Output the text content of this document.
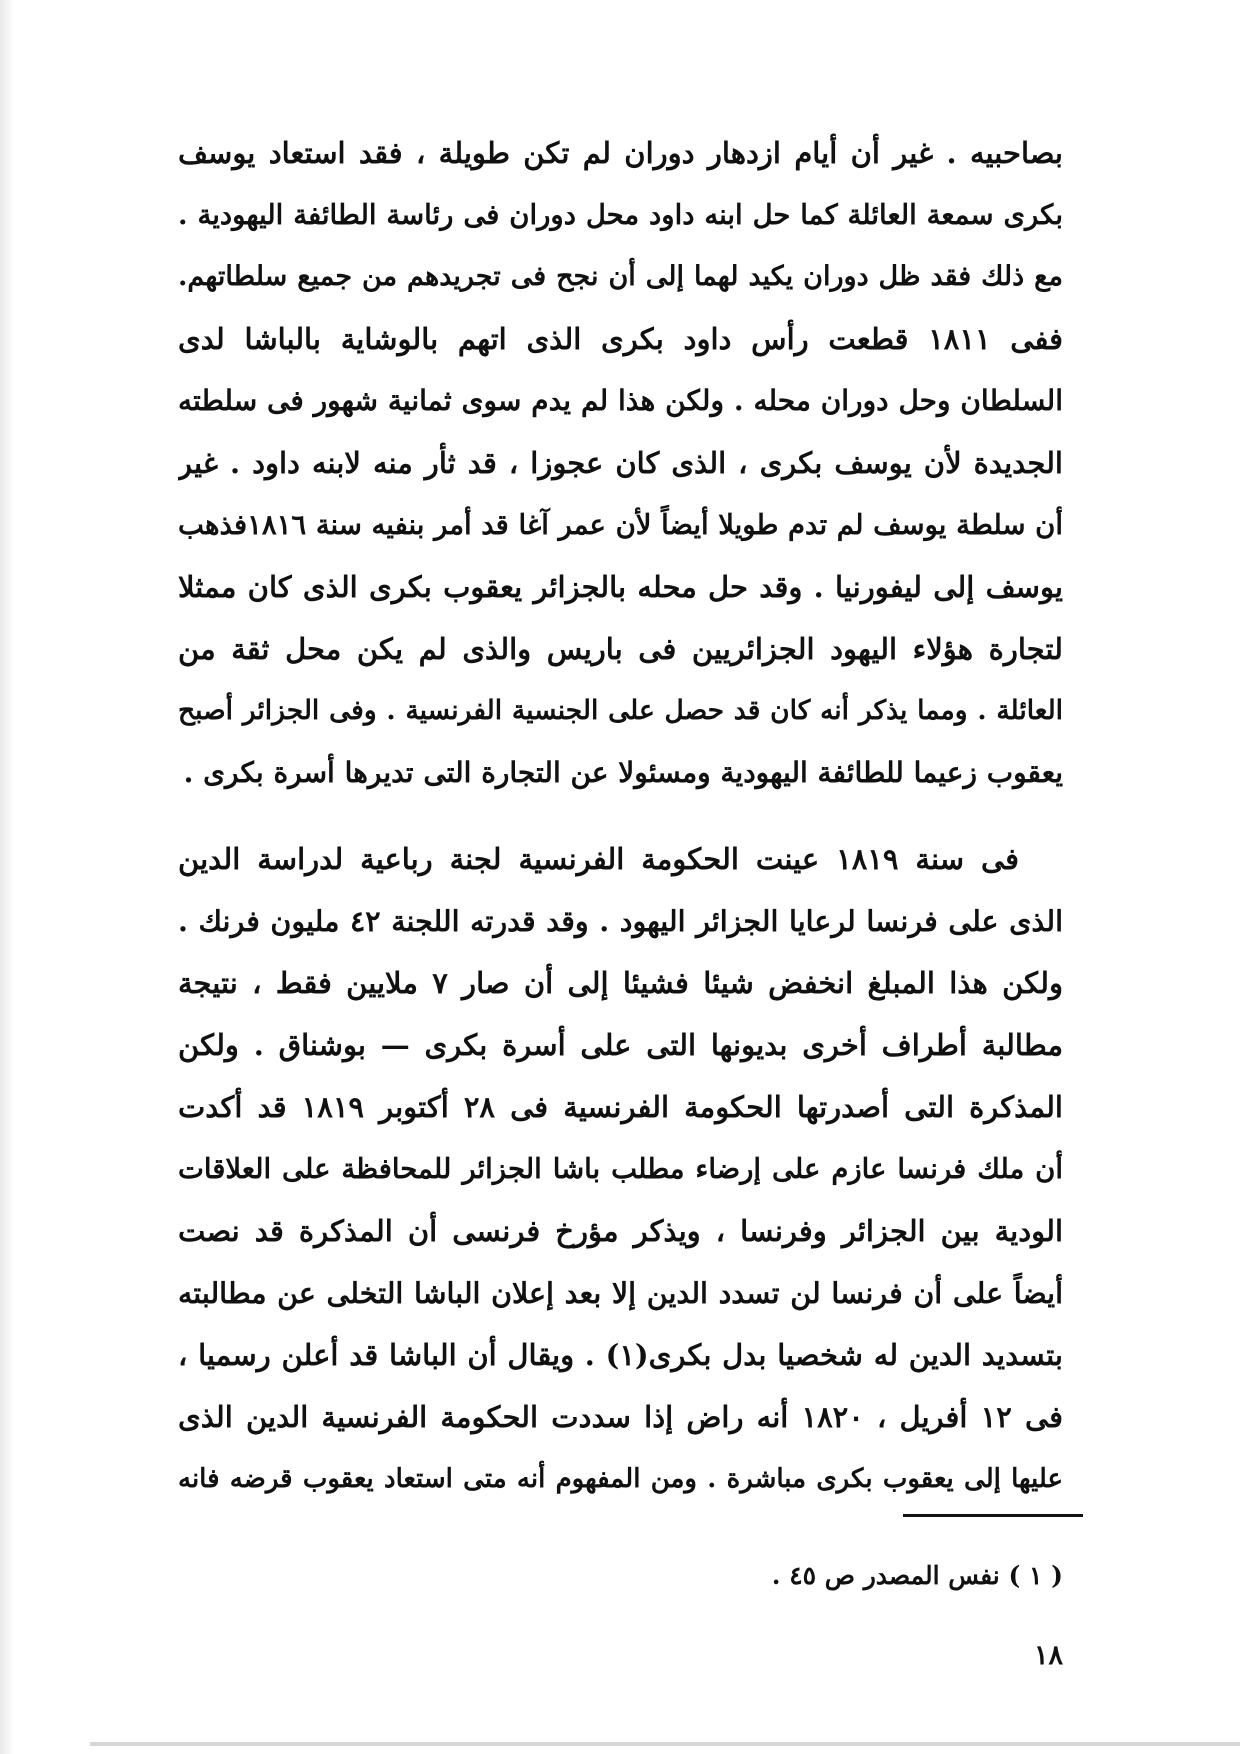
بصاحبيه . غير أن أيام ازدهار دوران لم تكن طويلة ، فقد استعاد يوسف
بكرى سمعة العائلة كما حل ابنه داود محل دوران فى رئاسة الطائفة اليهودية .
مع ذلك فقد ظل دوران يكيد لهما إلى أن نجح فى تجريدهم من جميع سلطاتهم.
ففى ١٨١١ قطعت رأس داود بكرى الذى اتهم بالوشاية بالباشا لدى
السلطان وحل دوران محله . ولكن هذا لم يدم سوى ثمانية شهور فى سلطته
الجديدة لأن يوسف بكرى ، الذى كان عجوزا ، قد ثأر منه لابنه داود . غير
أن سلطة يوسف لم تدم طويلا أيضاً لأن عمر آغا قد أمر بنفيه سنة ١٨١٦فذهب
يوسف إلى ليفورنيا . وقد حل محله بالجزائر يعقوب بكرى الذى كان ممثلا
لتجارة هؤلاء اليهود الجزائريين فى باريس والذى لم يكن محل ثقة من
العائلة . ومما يذكر أنه كان قد حصل على الجنسية الفرنسية . وفى الجزائر أصبح
يعقوب زعيما للطائفة اليهودية ومسئولا عن التجارة التى تديرها أسرة بكرى .
فى سنة ١٨١٩ عينت الحكومة الفرنسية لجنة رباعية لدراسة الدين
الذى على فرنسا لرعايا الجزائر اليهود . وقد قدرته اللجنة ٤٢ مليون فرنك .
ولكن هذا المبلغ انخفض شيئا فشيئا إلى أن صار ٧ ملايين فقط ، نتيجة
مطالبة أطراف أخرى بديونها التى على أسرة بكرى — بوشناق . ولكن
المذكرة التى أصدرتها الحكومة الفرنسية فى ٢٨ أكتوبر ١٨١٩ قد أكدت
أن ملك فرنسا عازم على إرضاء مطلب باشا الجزائر للمحافظة على العلاقات
الودية بين الجزائر وفرنسا ، ويذكر مؤرخ فرنسى أن المذكرة قد نصت
أيضاً على أن فرنسا لن تسدد الدين إلا بعد إعلان الباشا التخلى عن مطالبته
بتسديد الدين له شخصيا بدل بكرى(١) . ويقال أن الباشا قد أعلن رسميا ،
فى ١٢ أفريل ، ١٨٢٠ أنه راض إذا سددت الحكومة الفرنسية الدين الذى
عليها إلى يعقوب بكرى مباشرة . ومن المفهوم أنه متى استعاد يعقوب قرضه فانه
( ١ ) نفس المصدر ص ٤٥ .
١٨
